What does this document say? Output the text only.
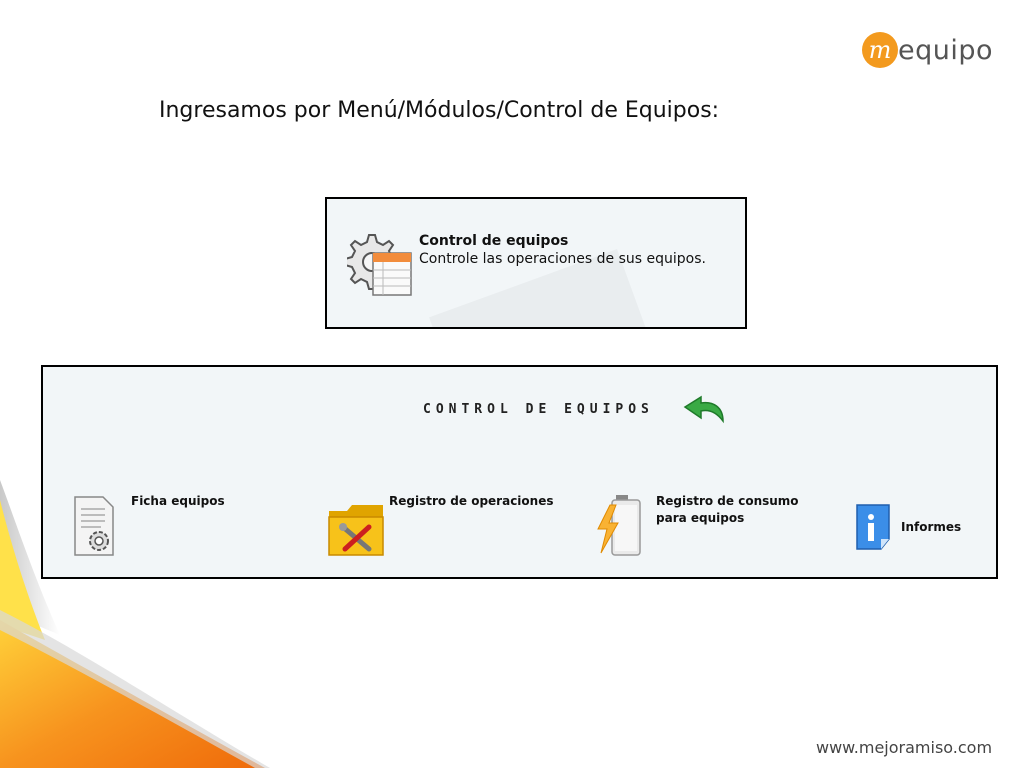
m equipo
Ingresamos por Menú/Módulos/Control de Equipos:
Control de equipos
Controle las operaciones de sus equipos.
CONTROL DE EQUIPOS
Ficha equipos	Registro de operaciones	Registro de consumo
para equipos
Informes
www.mejoramiso.com
